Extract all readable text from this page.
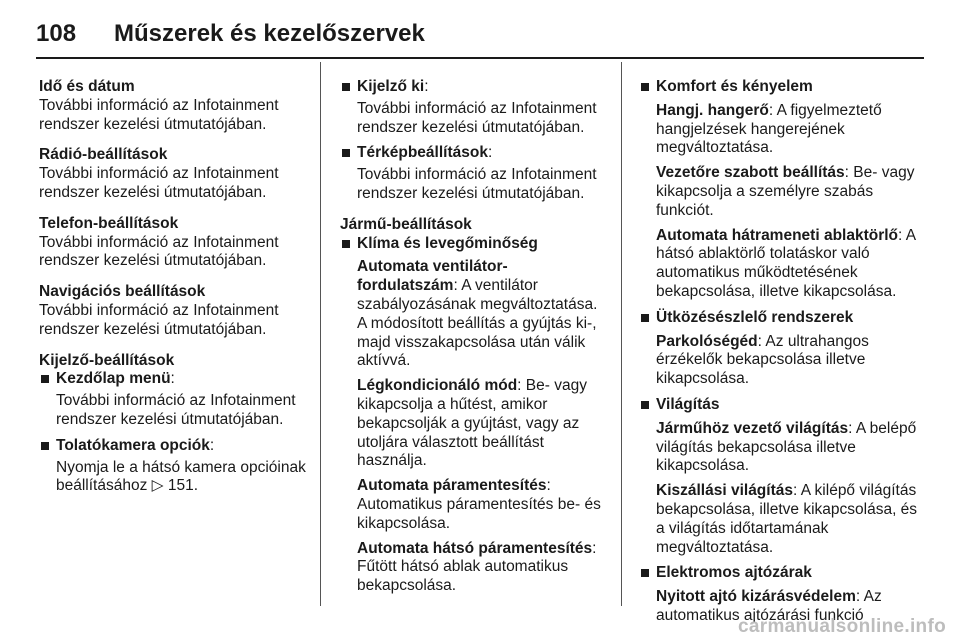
108	Műszerek és kezelőszervek
Idő és dátum
További információ az Infotainment rendszer kezelési útmutatójában.
Rádió-beállítások
További információ az Infotainment rendszer kezelési útmutatójában.
Telefon-beállítások
További információ az Infotainment rendszer kezelési útmutatójában.
Navigációs beállítások
További információ az Infotainment rendszer kezelési útmutatójában.
Kijelző-beállítások
Kezdőlap menü:
További információ az Infotainment rendszer kezelési útmutatójában.
Tolatókamera opciók:
Nyomja le a hátsó kamera opcióinak beállításához ▷ 151.
Kijelző ki:
További információ az Infotainment rendszer kezelési útmutatójában.
Térképbeállítások:
További információ az Infotainment rendszer kezelési útmutatójában.
Jármű-beállítások
Klíma és levegőminőség
Automata ventilátor-fordulatszám: A ventilátor szabályozásának megváltoztatása. A módosított beállítás a gyújtás ki-, majd visszakapcsolása után válik aktívvá.
Légkondicionáló mód: Be- vagy kikapcsolja a hűtést, amikor bekapcsolják a gyújtást, vagy az utoljára választott beállítást használja.
Automata páramentesítés: Automatikus páramentesítés be- és kikapcsolása.
Automata hátsó páramentesítés: Fűtött hátsó ablak automatikus bekapcsolása.
Komfort és kényelem
Hangj. hangerő: A figyelmeztető hangjelzések hangerejének megváltoztatása.
Vezetőre szabott beállítás: Be- vagy kikapcsolja a személyre szabás funkciót.
Automata hátrameneti ablaktörlő: A hátsó ablaktörlő tolatáskor való automatikus működtetésének bekapcsolása, illetve kikapcsolása.
Ütközésészlelő rendszerek
Parkolóségéd: Az ultrahangos érzékelők bekapcsolása illetve kikapcsolása.
Világítás
Járműhöz vezető világítás: A belépő világítás bekapcsolása illetve kikapcsolása.
Kiszállási világítás: A kilépő világítás bekapcsolása, illetve kikapcsolása, és a világítás időtartamának megváltoztatása.
Elektromos ajtózárak
Nyitott ajtó kizárásvédelem: Az automatikus ajtózárási funkció
carmanualsonline.info
